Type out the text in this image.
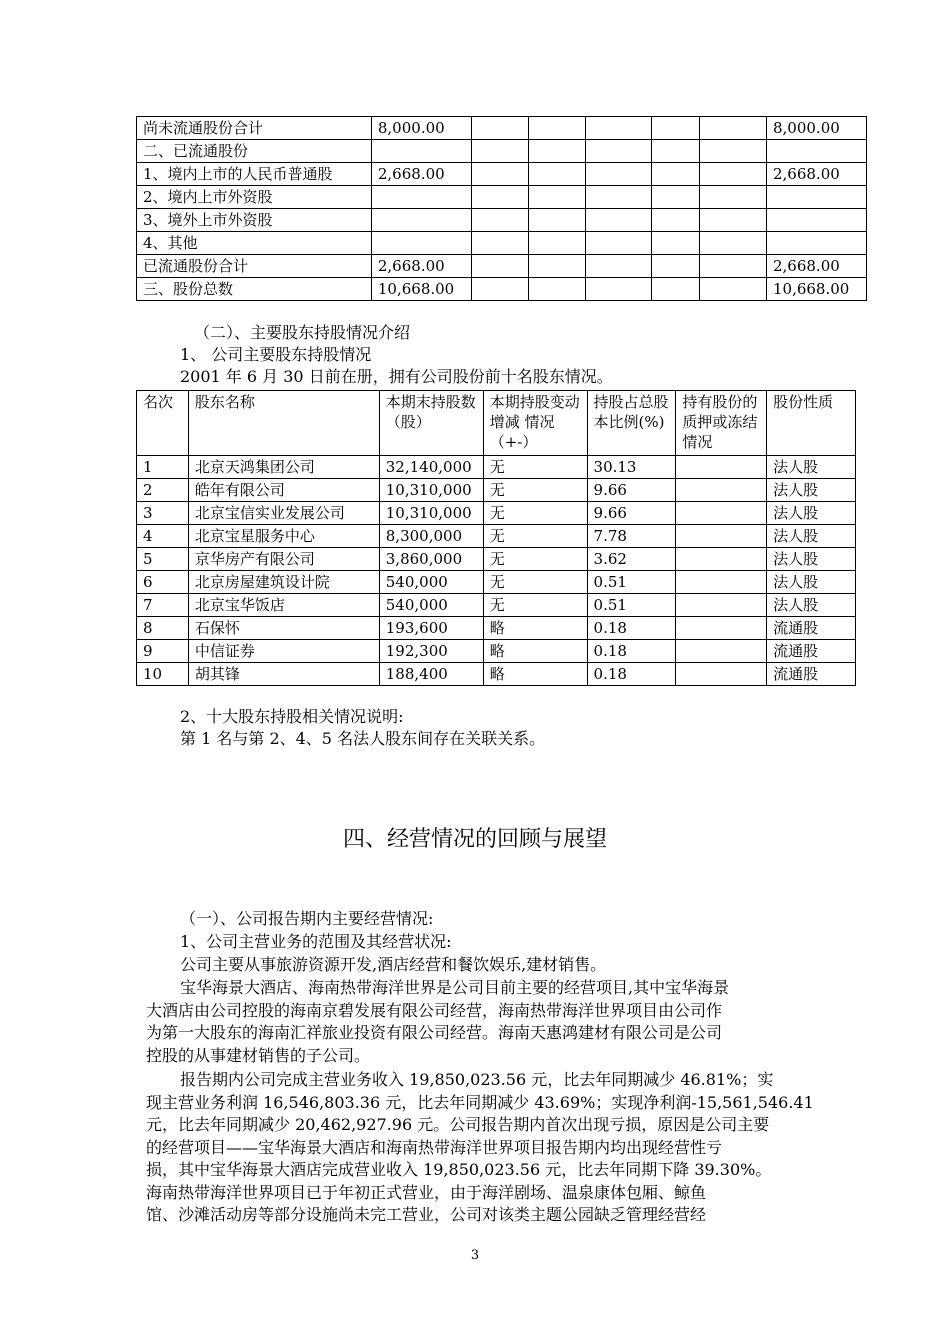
尚未流通股份合计	8,000.00						8,000.00
二、已流通股份							
1、境内上市的人民币普通股	2,668.00						2,668.00
2、境内上市外资股							
3、境外上市外资股							
4、其他							
已流通股份合计	2,668.00						2,668.00
三、股份总数	10,668.00						10,668.00

（二）、主要股东持股情况介绍

1、 公司主要股东持股情况

2001 年 6 月 30 日前在册，拥有公司股份前十名股东情况。

名次	股东名称	本期末持股数（股）	本期持股变动增减 情况（+-）	持股占总股本比例(%)	持有股份的质押或冻结情况	股份性质
1	北京天鸿集团公司	32,140,000	无	30.13		法人股
2	皓年有限公司	10,310,000	无	9.66		法人股
3	北京宝信实业发展公司	10,310,000	无	9.66		法人股
4	北京宝星服务中心	8,300,000	无	7.78		法人股
5	京华房产有限公司	3,860,000	无	3.62		法人股
6	北京房屋建筑设计院	540,000	无	0.51		法人股
7	北京宝华饭店	540,000	无	0.51		法人股
8	石保怀	193,600	略	0.18		流通股
9	中信证券	192,300	略	0.18		流通股
10	胡其锋	188,400	略	0.18		流通股

2、十大股东持股相关情况说明:

第 1 名与第 2、4、5 名法人股东间存在关联关系。

四、经营情况的回顾与展望

（一）、公司报告期内主要经营情况:

1、公司主营业务的范围及其经营状况:

公司主要从事旅游资源开发,酒店经营和餐饮娱乐,建材销售。

宝华海景大酒店、海南热带海洋世界是公司目前主要的经营项目,其中宝华海景

大酒店由公司控股的海南京碧发展有限公司经营，海南热带海洋世界项目由公司作

为第一大股东的海南汇祥旅业投资有限公司经营。海南天惠鸿建材有限公司是公司

控股的从事建材销售的子公司。

报告期内公司完成主营业务收入 19,850,023.56 元，比去年同期减少 46.81%；实

现主营业务利润 16,546,803.36 元，比去年同期减少 43.69%；实现净利润-15,561,546.41

元，比去年同期减少 20,462,927.96 元。公司报告期内首次出现亏损，原因是公司主要

的经营项目——宝华海景大酒店和海南热带海洋世界项目报告期内均出现经营性亏

损，其中宝华海景大酒店完成营业收入 19,850,023.56 元，比去年同期下降 39.30%。

海南热带海洋世界项目已于年初正式营业，由于海洋剧场、温泉康体包厢、鲸鱼

馆、沙滩活动房等部分设施尚未完工营业，公司对该类主题公园缺乏管理经营经

3
